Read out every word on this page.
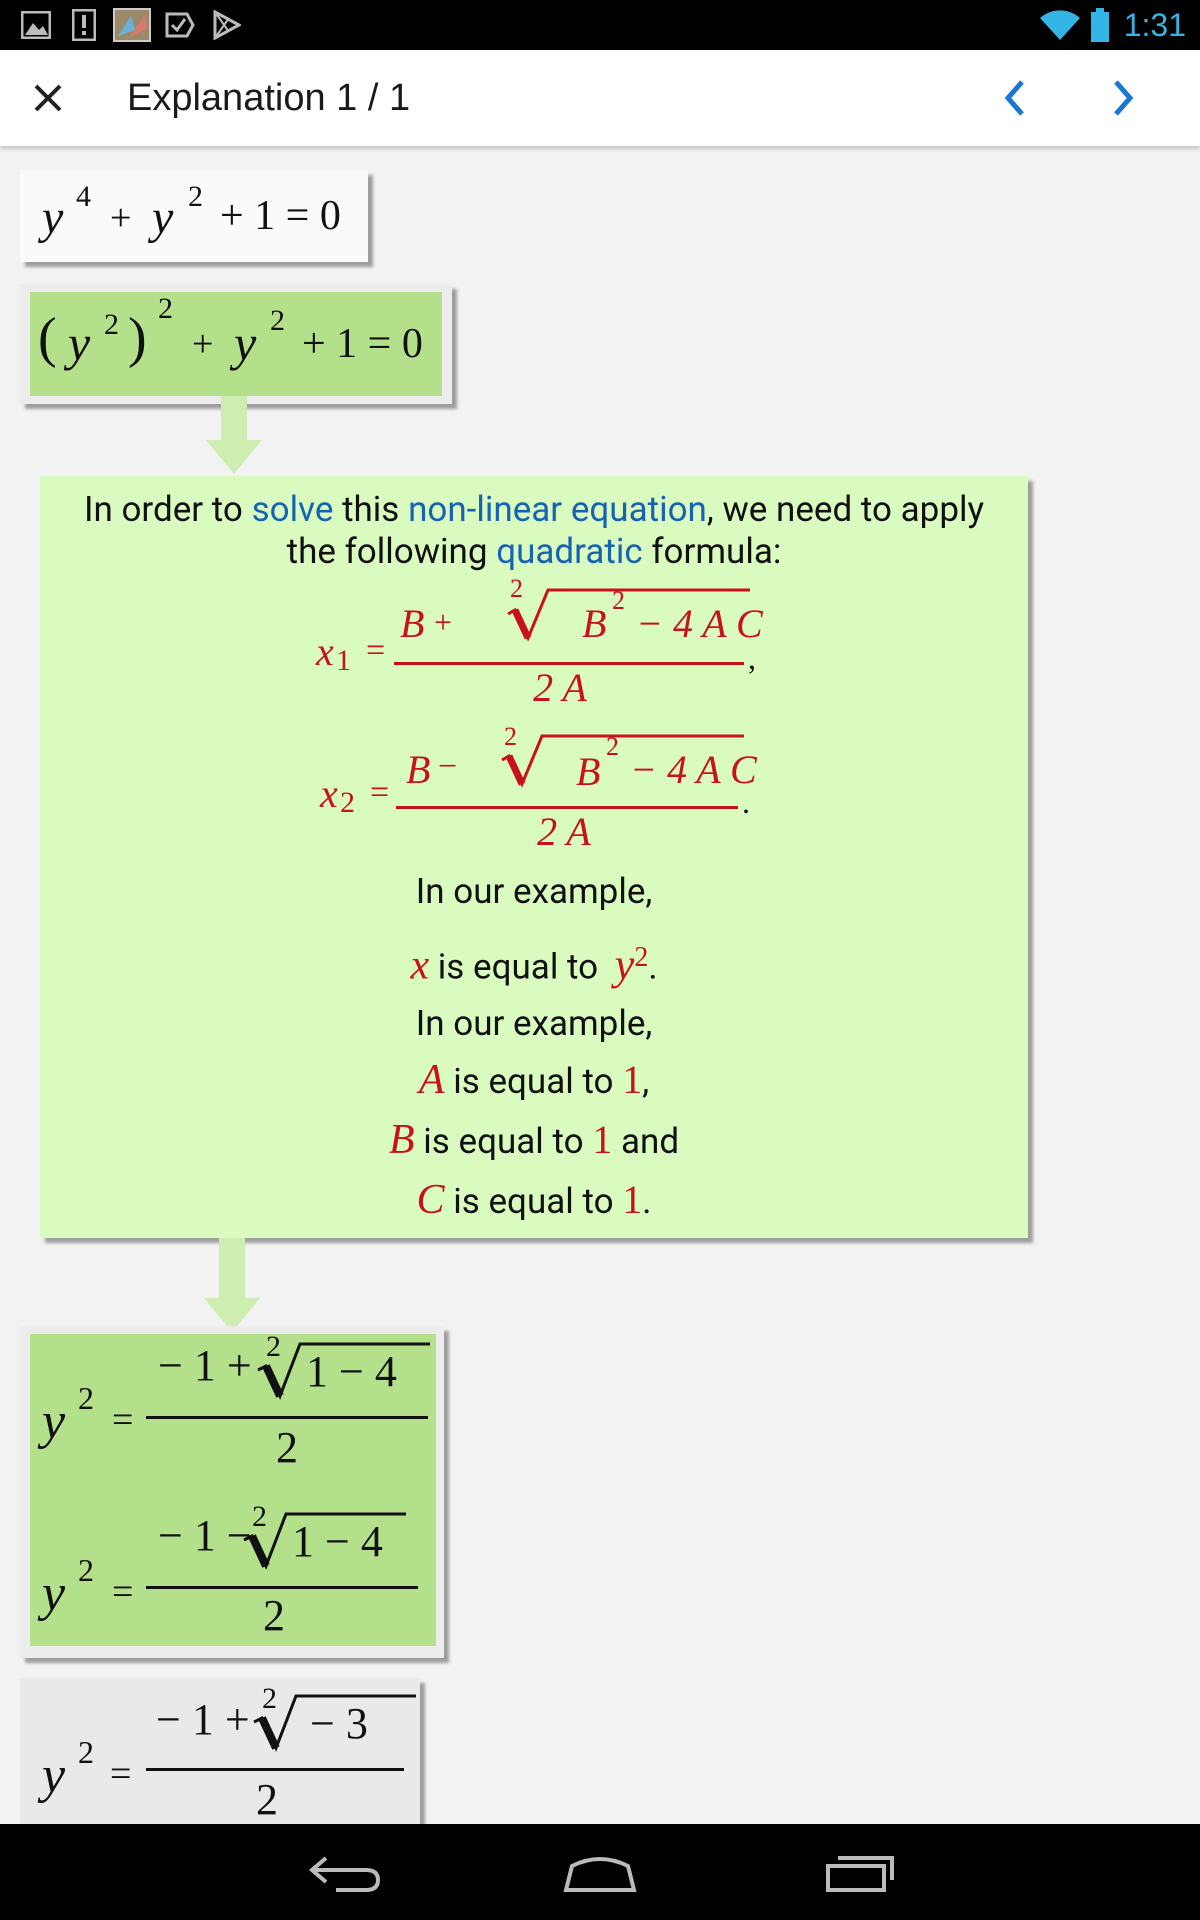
1:31
Explanation 1 / 1
y 4
+ y 2 + 1 = 0
( y 2 ) 2
+ y 2
+ 1 = 0
In order to solve this non-linear equation, we need to apply
the following quadratic formula:
x 1 =
B +
2
B
2
− 4 A C
2 A
,
x 2 =
B −
2
B
2
− 4 A C
2 A
.
In our example,
x is equal to $y^2$.
In our example,
A is equal to 1,
B is equal to 1 and
C is equal to 1.
y 2
=
− 1 + 2
1 − 4
2
y 2
=
− 1 − 2
1 − 4
2
y 2
=
− 1 + 2
− 3
2
